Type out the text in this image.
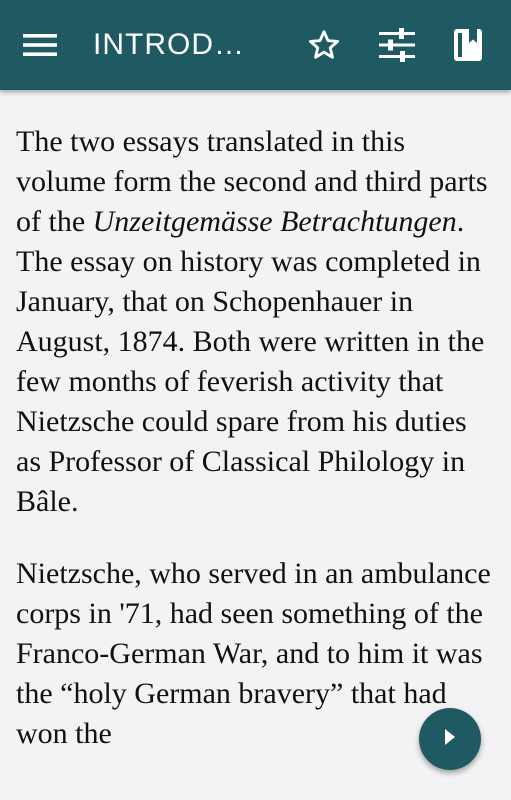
INTROD…

The two essays translated in this volume form the second and third parts of the Unzeitgemässe Betrachtungen. The essay on history was completed in January, that on Schopenhauer in August, 1874. Both were written in the few months of feverish activity that Nietzsche could spare from his duties as Professor of Classical Philology in Bâle.

Nietzsche, who served in an ambulance corps in '71, had seen something of the Franco-German War, and to him it was the “holy German bravery” that had won the
